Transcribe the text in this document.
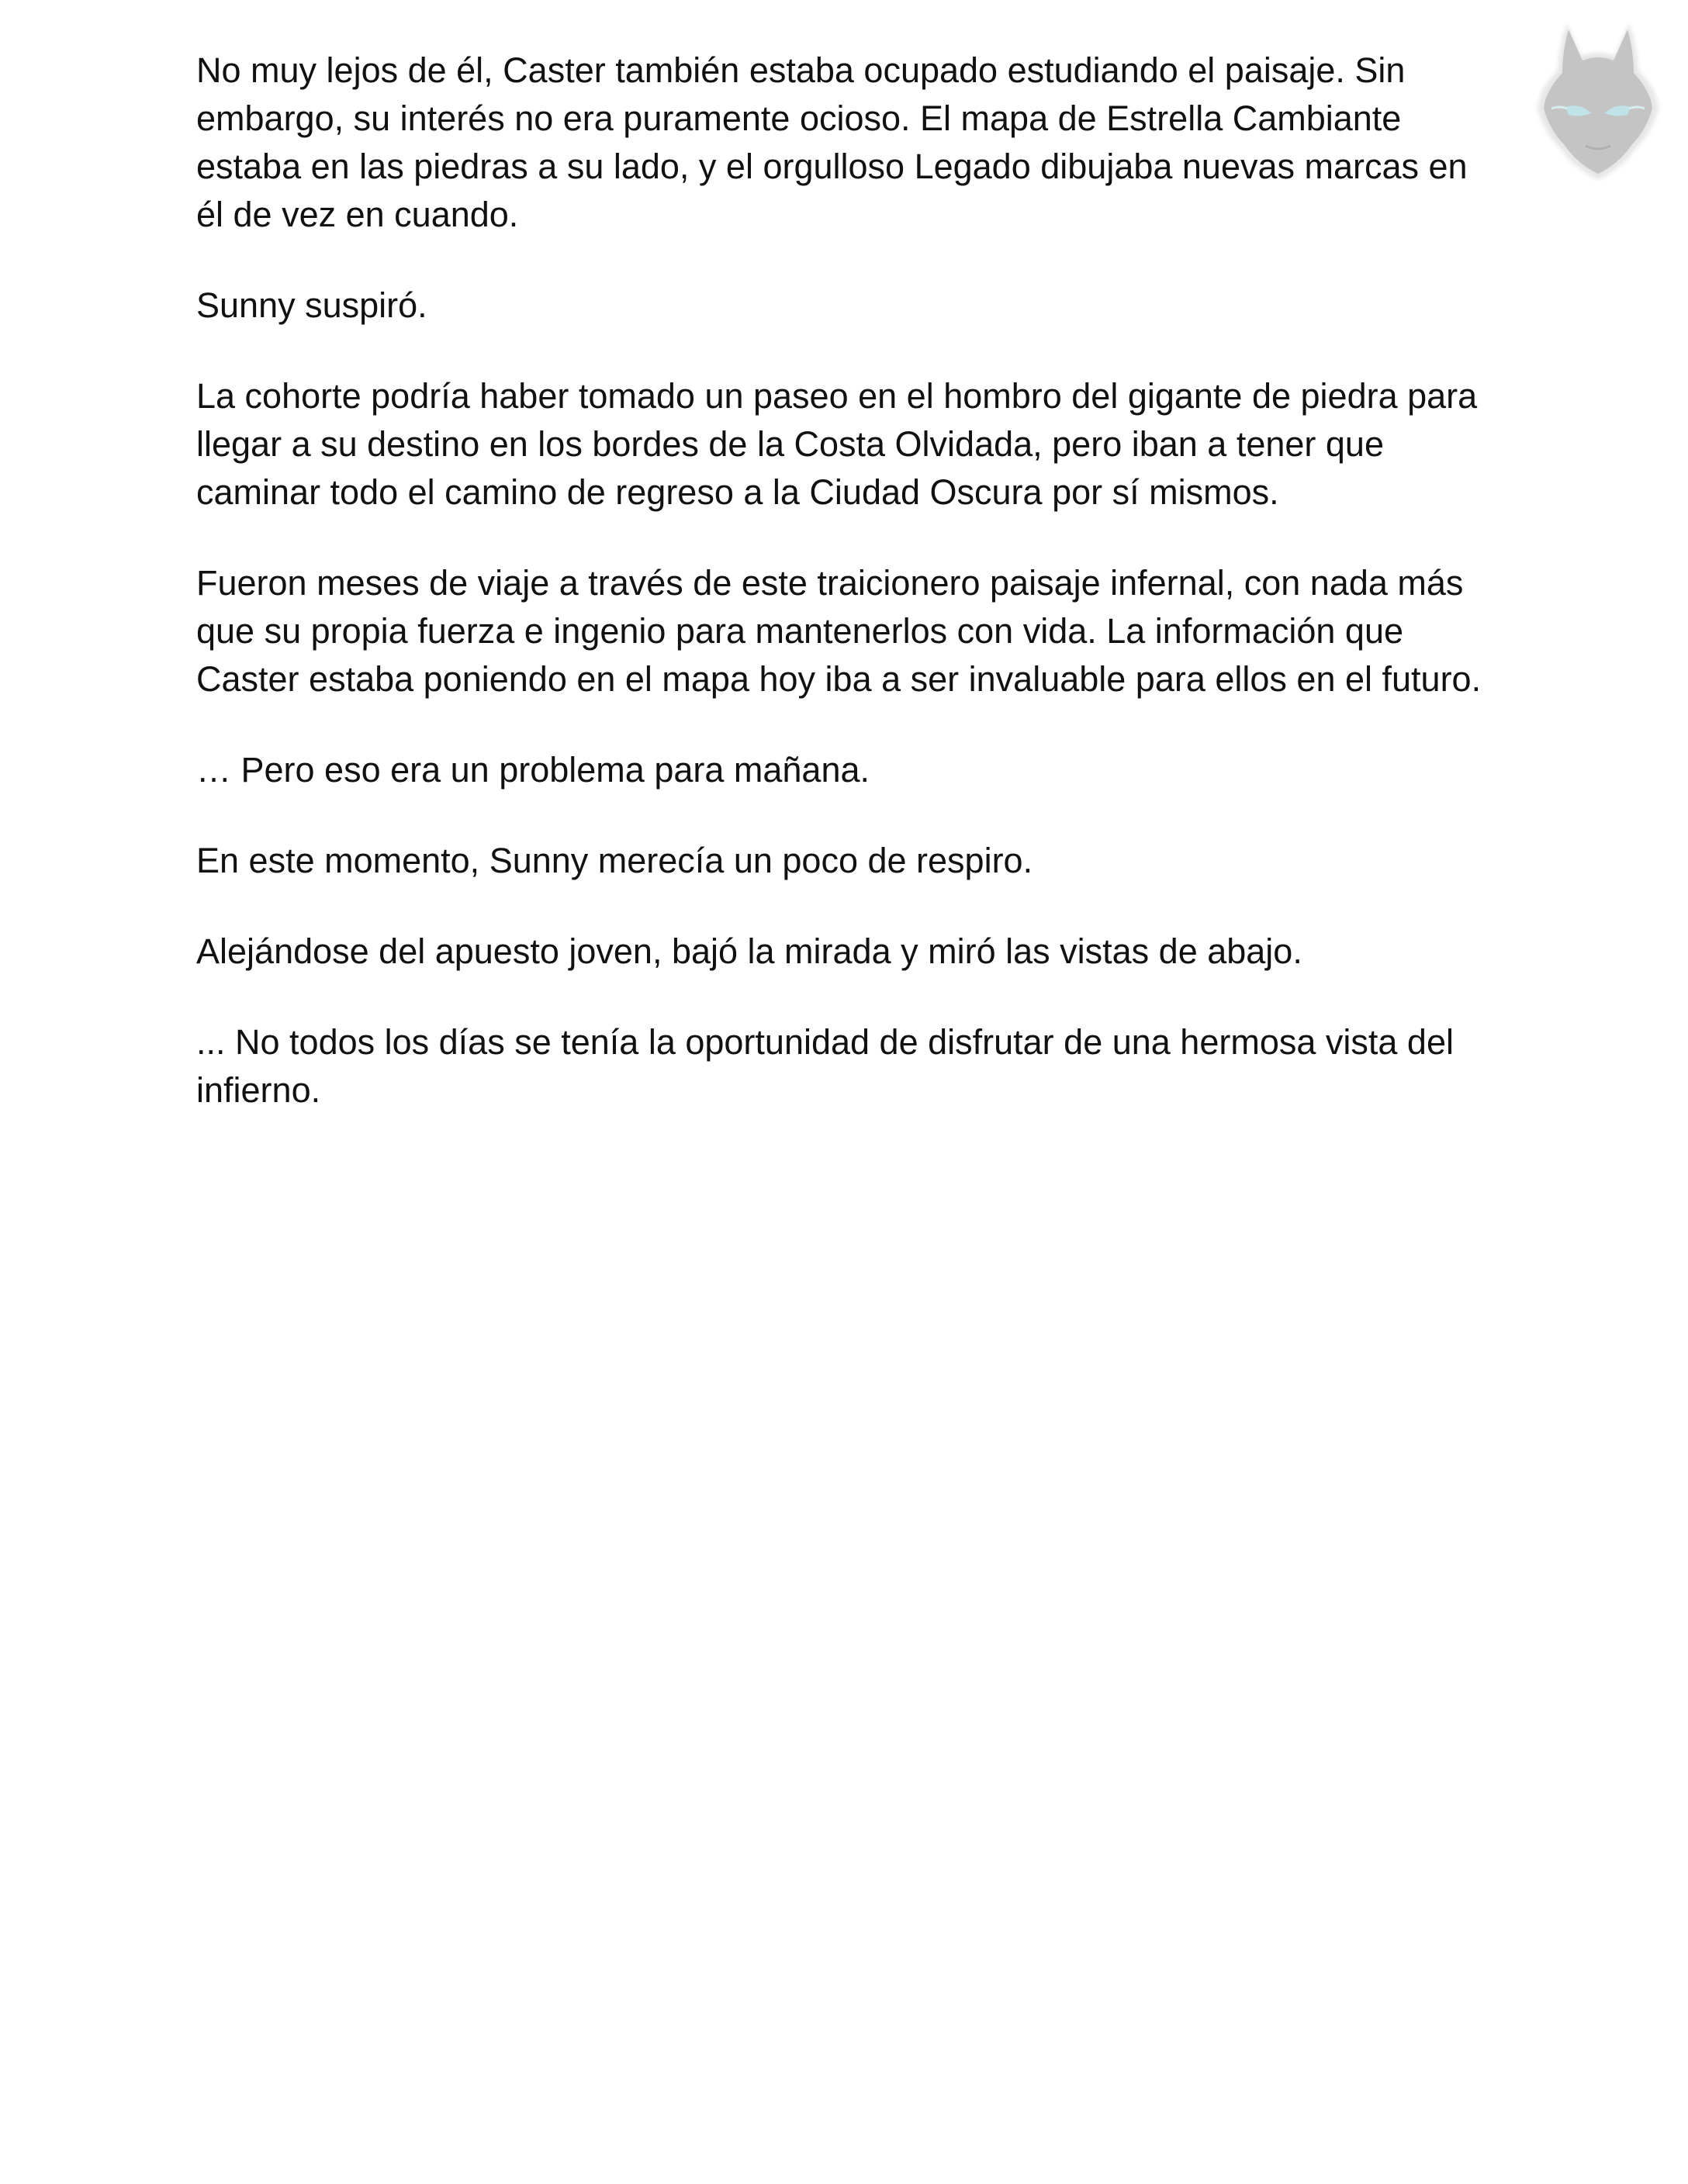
No muy lejos de él, Caster también estaba ocupado estudiando el paisaje. Sin embargo, su interés no era puramente ocioso. El mapa de Estrella Cambiante estaba en las piedras a su lado, y el orgulloso Legado dibujaba nuevas marcas en él de vez en cuando.

Sunny suspiró.

La cohorte podría haber tomado un paseo en el hombro del gigante de piedra para llegar a su destino en los bordes de la Costa Olvidada, pero iban a tener que caminar todo el camino de regreso a la Ciudad Oscura por sí mismos.

Fueron meses de viaje a través de este traicionero paisaje infernal, con nada más que su propia fuerza e ingenio para mantenerlos con vida. La información que Caster estaba poniendo en el mapa hoy iba a ser invaluable para ellos en el futuro.

… Pero eso era un problema para mañana.

En este momento, Sunny merecía un poco de respiro.

Alejándose del apuesto joven, bajó la mirada y miró las vistas de abajo.

... No todos los días se tenía la oportunidad de disfrutar de una hermosa vista del infierno.
